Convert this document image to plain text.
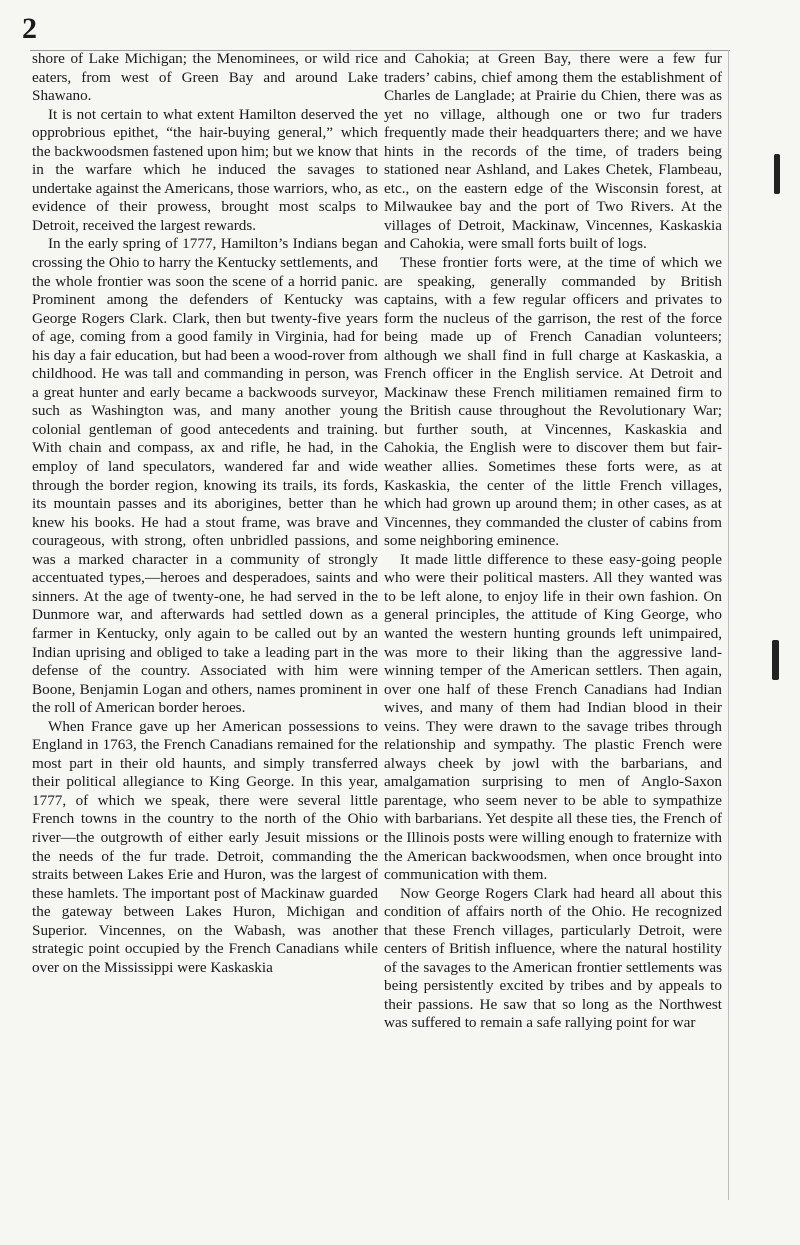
2

shore of Lake Michigan; the Menominees, or wild rice eaters, from west of Green Bay and around Lake Shawano.

It is not certain to what extent Hamilton deserved the opprobrious epithet, “the hair-buying general,” which the backwoodsmen fastened upon him; but we know that in the warfare which he induced the savages to undertake against the Americans, those warriors, who, as evidence of their prowess, brought most scalps to Detroit, received the largest rewards.

In the early spring of 1777, Hamilton’s Indians began crossing the Ohio to harry the Kentucky settlements, and the whole frontier was soon the scene of a horrid panic. Prominent among the defenders of Kentucky was George Rogers Clark. Clark, then but twenty-five years of age, coming from a good family in Virginia, had for his day a fair education, but had been a wood-rover from childhood. He was tall and commanding in person, was a great hunter and early became a backwoods surveyor, such as Washington was, and many another young colonial gentleman of good antecedents and training. With chain and compass, ax and rifle, he had, in the employ of land speculators, wandered far and wide through the border region, knowing its trails, its fords, its mountain passes and its aborigines, better than he knew his books. He had a stout frame, was brave and courageous, with strong, often unbridled passions, and was a marked character in a community of strongly accentuated types,—heroes and desperadoes, saints and sinners. At the age of twenty-one, he had served in the Dunmore war, and afterwards had settled down as a farmer in Kentucky, only again to be called out by an Indian uprising and obliged to take a leading part in the defense of the country. Associated with him were Boone, Benjamin Logan and others, names prominent in the roll of American border heroes.

When France gave up her American possessions to England in 1763, the French Canadians remained for the most part in their old haunts, and simply transferred their political allegiance to King George. In this year, 1777, of which we speak, there were several little French towns in the country to the north of the Ohio river—the outgrowth of either early Jesuit missions or the needs of the fur trade. Detroit, commanding the straits between Lakes Erie and Huron, was the largest of these hamlets. The important post of Mackinaw guarded the gateway between Lakes Huron, Michigan and Superior. Vincennes, on the Wabash, was another strategic point occupied by the French Canadians while over on the Mississippi were Kaskaskia

and Cahokia; at Green Bay, there were a few fur traders’ cabins, chief among them the establishment of Charles de Langlade; at Prairie du Chien, there was as yet no village, although one or two fur traders frequently made their headquarters there; and we have hints in the records of the time, of traders being stationed near Ashland, and Lakes Chetek, Flambeau, etc., on the eastern edge of the Wisconsin forest, at Milwaukee bay and the port of Two Rivers. At the villages of Detroit, Mackinaw, Vincennes, Kaskaskia and Cahokia, were small forts built of logs.

These frontier forts were, at the time of which we are speaking, generally commanded by British captains, with a few regular officers and privates to form the nucleus of the garrison, the rest of the force being made up of French Canadian volunteers; although we shall find in full charge at Kaskaskia, a French officer in the English service. At Detroit and Mackinaw these French militiamen remained firm to the British cause throughout the Revolutionary War; but further south, at Vincennes, Kaskaskia and Cahokia, the English were to discover them but fair-weather allies. Sometimes these forts were, as at Kaskaskia, the center of the little French villages, which had grown up around them; in other cases, as at Vincennes, they commanded the cluster of cabins from some neighboring eminence.

It made little difference to these easy-going people who were their political masters. All they wanted was to be left alone, to enjoy life in their own fashion. On general principles, the attitude of King George, who wanted the western hunting grounds left unimpaired, was more to their liking than the aggressive land-winning temper of the American settlers. Then again, over one half of these French Canadians had Indian wives, and many of them had Indian blood in their veins. They were drawn to the savage tribes through relationship and sympathy. The plastic French were always cheek by jowl with the barbarians, and amalgamation surprising to men of Anglo-Saxon parentage, who seem never to be able to sympathize with barbarians. Yet despite all these ties, the French of the Illinois posts were willing enough to fraternize with the American backwoodsmen, when once brought into communication with them.

Now George Rogers Clark had heard all about this condition of affairs north of the Ohio. He recognized that these French villages, particularly Detroit, were centers of British influence, where the natural hostility of the savages to the American frontier settlements was being persistently excited by tribes and by appeals to their passions. He saw that so long as the Northwest was suffered to remain a safe rallying point for war
